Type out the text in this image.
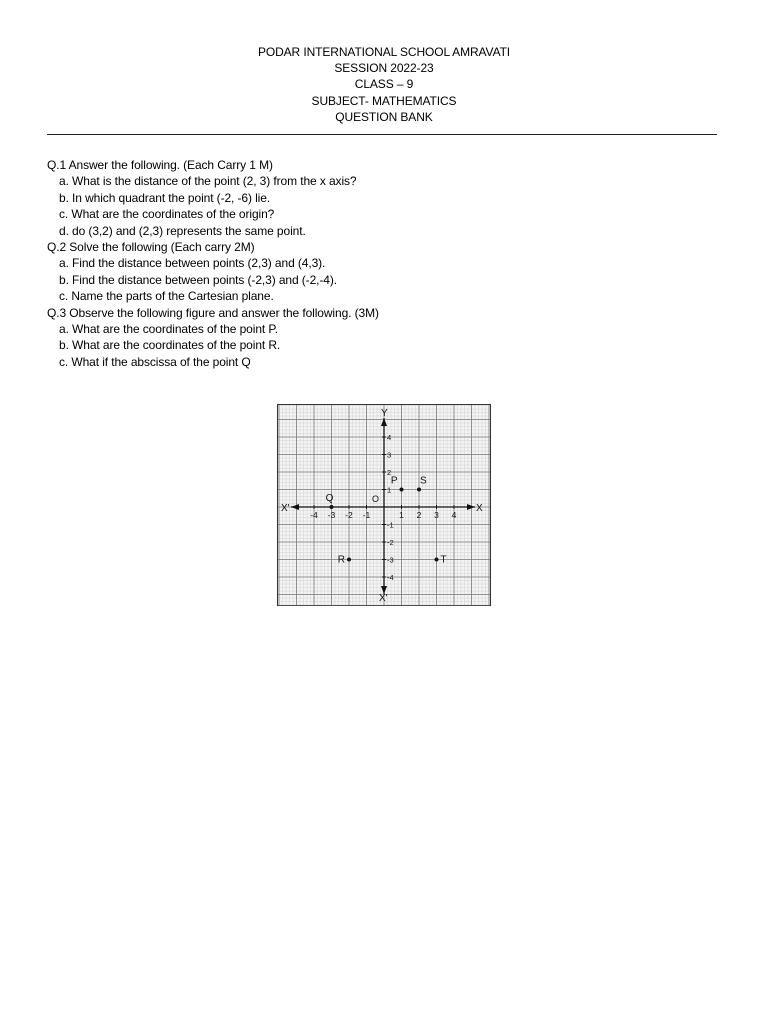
PODAR INTERNATIONAL SCHOOL AMRAVATI
SESSION 2022-23
CLASS – 9
SUBJECT- MATHEMATICS
QUESTION BANK
Q.1 Answer the following. (Each Carry 1 M)
a. What is the distance of the point (2, 3) from the x axis?
b. In which quadrant the point (-2, -6) lie.
c. What are the coordinates of the origin?
d. do (3,2) and (2,3) represents the same point.
Q.2 Solve the following (Each carry 2M)
a. Find the distance between points (2,3) and (4,3).
b. Find the distance between points (-2,3) and (-2,-4).
c. Name the parts of the Cartesian plane.
Q.3 Observe the following figure and answer the following. (3M)
a. What are the coordinates of the point P.
b. What are the coordinates of the point R.
c. What if the abscissa of the point Q
X
X'
Y
X'
O
-4 -3 -2 -1	1 2 3 4
4
3
2
1
-1
-2
-3
-4
P S
Q
R	T
